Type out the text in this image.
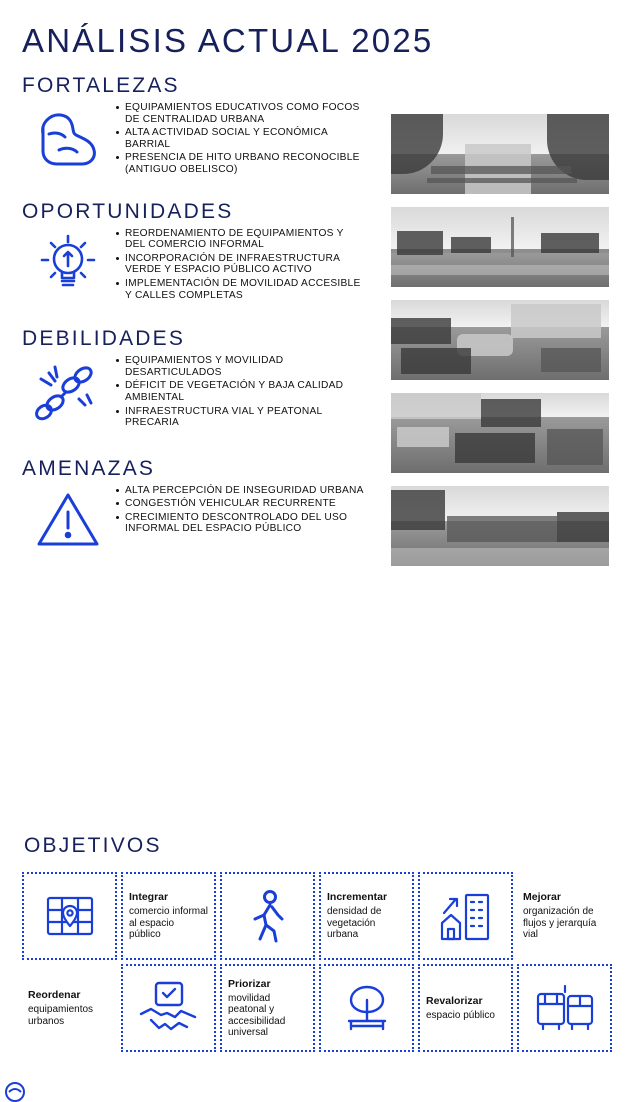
ANÁLISIS ACTUAL 2025
FORTALEZAS
EQUIPAMIENTOS EDUCATIVOS COMO FOCOS DE CENTRALIDAD URBANA
ALTA ACTIVIDAD SOCIAL Y ECONÓMICA BARRIAL
PRESENCIA DE HITO URBANO RECONOCIBLE (ANTIGUO OBELISCO)
OPORTUNIDADES
REORDENAMIENTO DE EQUIPAMIENTOS Y DEL COMERCIO INFORMAL
INCORPORACIÓN DE INFRAESTRUCTURA VERDE Y ESPACIO PÚBLICO ACTIVO
IMPLEMENTACIÓN DE MOVILIDAD ACCESIBLE Y CALLES COMPLETAS
DEBILIDADES
EQUIPAMIENTOS Y MOVILIDAD DESARTICULADOS
DÉFICIT DE VEGETACIÓN Y BAJA CALIDAD AMBIENTAL
INFRAESTRUCTURA VIAL Y PEATONAL PRECARIA
AMENAZAS
ALTA PERCEPCIÓN DE INSEGURIDAD URBANA
CONGESTIÓN VEHICULAR RECURRENTE
CRECIMIENTO DESCONTROLADO DEL USO INFORMAL DEL ESPACIO PÚBLICO
OBJETIVOS
Integrar
comercio informal al espacio público
Incrementar
densidad de vegetación urbana
Mejorar
organización de flujos y jerarquía vial
Reordenar
equipamientos urbanos
Priorizar
movilidad peatonal y accesibilidad universal
Revalorizar
espacio público
